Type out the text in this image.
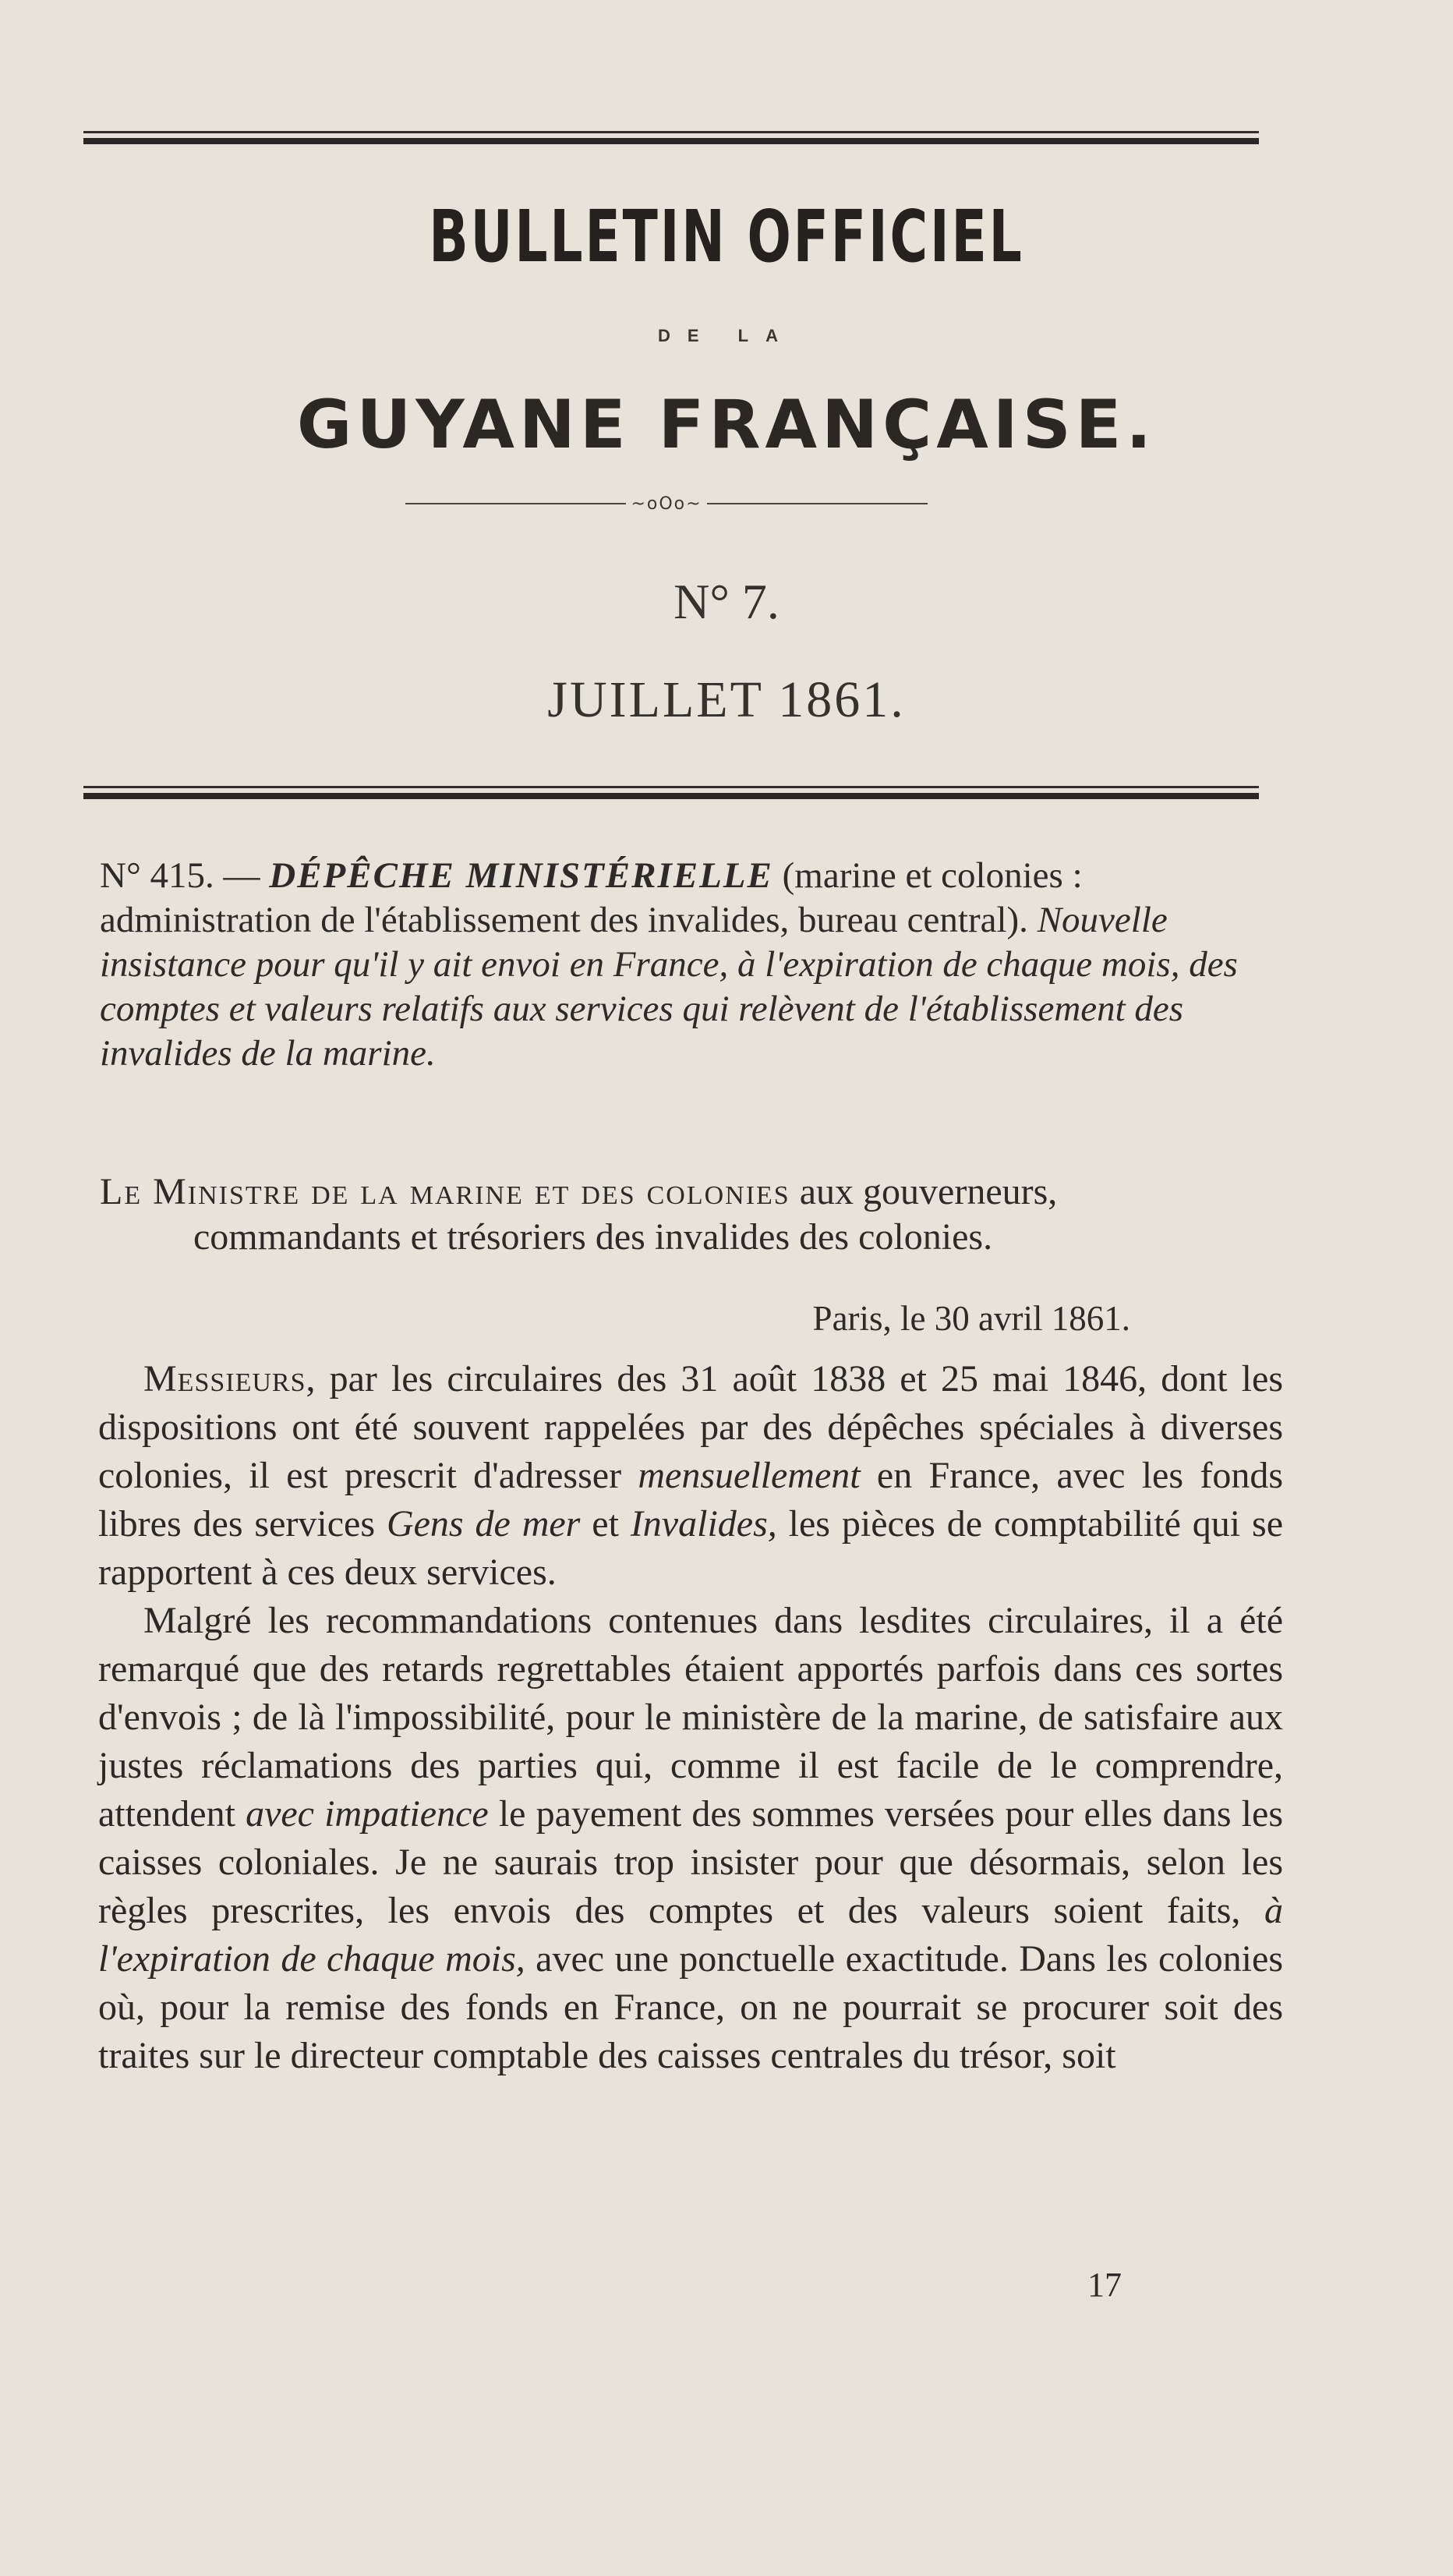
BULLETIN OFFICIEL
DE LA
GUYANE FRANÇAISE.
~oOo~
N° 7.
JUILLET 1861.
N° 415. — DÉPÊCHE MINISTÉRIELLE (marine et colonies : administration de l'établissement des invalides, bureau central). Nouvelle insistance pour qu'il y ait envoi en France, à l'expiration de chaque mois, des comptes et valeurs relatifs aux services qui relèvent de l'établissement des invalides de la marine.
Le Ministre de la marine et des colonies aux gouverneurs,
commandants et trésoriers des invalides des colonies.
Paris, le 30 avril 1861.

Messieurs, par les circulaires des 31 août 1838 et 25 mai 1846, dont les dispositions ont été souvent rappelées par des dépêches spéciales à diverses colonies, il est prescrit d'adresser mensuellement en France, avec les fonds libres des services Gens de mer et Invalides, les pièces de comptabilité qui se rapportent à ces deux services.

Malgré les recommandations contenues dans lesdites circulaires, il a été remarqué que des retards regrettables étaient apportés parfois dans ces sortes d'envois ; de là l'impossibilité, pour le ministère de la marine, de satisfaire aux justes réclamations des parties qui, comme il est facile de le comprendre, attendent avec impatience le payement des sommes versées pour elles dans les caisses coloniales. Je ne saurais trop insister pour que désormais, selon les règles prescrites, les envois des comptes et des valeurs soient faits, à l'expiration de chaque mois, avec une ponctuelle exactitude. Dans les colonies où, pour la remise des fonds en France, on ne pourrait se procurer soit des traites sur le directeur comptable des caisses centrales du trésor, soit

17
